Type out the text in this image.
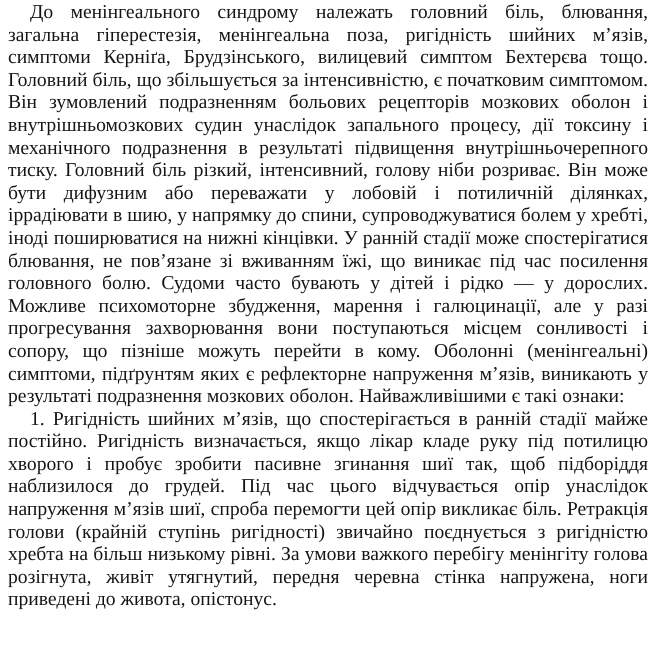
До менінгеального синдрому належать головний біль, блювання, загальна гіперестезія, менінгеальна поза, ригідність шийних м’язів, симптоми Керніґа, Брудзінського, вилицевий симптом Бехтерєва тощо. Головний біль, що збільшується за інтенсивністю, є початковим симптомом. Він зумовлений подразненням больових рецепторів мозкових оболон і внутрішньомозкових судин унаслідок запального процесу, дії токсину і механічного подразнення в результаті підвищення внутрішньочерепного тиску. Головний біль різкий, інтенсивний, голову ніби розриває. Він може бути дифузним або переважати у лобовій і потиличній ділянках, іррадіювати в шию, у напрямку до спини, супроводжуватися болем у хребті, іноді поширюватися на нижні кінцівки. У ранній стадії може спостерігатися блювання, не пов’язане зі вживанням їжі, що виникає під час посилення головного болю. Судоми часто бувають у дітей і рідко — у дорослих. Можливе психомоторне збудження, марення і галюцинації, але у разі прогресування захворювання вони поступаються місцем сонливості і сопору, що пізніше можуть перейти в кому. Оболонні (менінгеальні) симптоми, підґрунтям яких є рефлекторне напруження м’язів, виникають у результаті подразнення мозкових оболон. Найважливішими є такі ознаки:

1. Ригідність шийних м’язів, що спостерігається в ранній стадії майже постійно. Ригідність визначається, якщо лікар кладе руку під потилицю хворого і пробує зробити пасивне згинання шиї так, щоб підборіддя наблизилося до грудей. Під час цього відчувається опір унаслідок напруження м’язів шиї, спроба перемогти цей опір викликає біль. Ретракція голови (крайній ступінь ригідності) звичайно поєднується з ригідністю хребта на більш низькому рівні. За умови важкого перебігу менінгіту голова розігнута, живіт утягнутий, передня черевна стінка напружена, ноги приведені до живота, опістонус.
